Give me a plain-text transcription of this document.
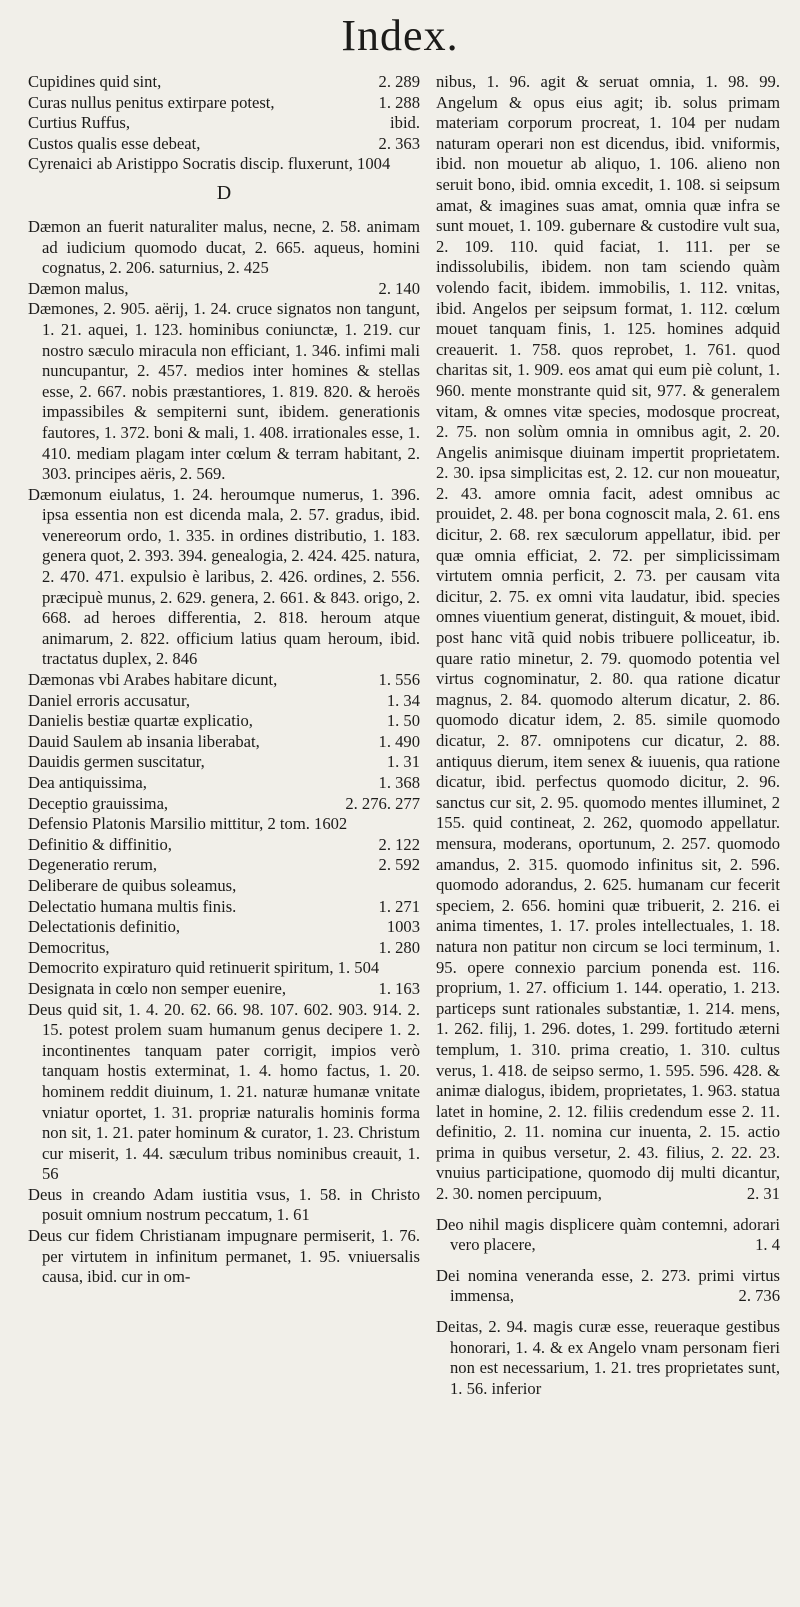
Index.
Cupidines quid sint,	2. 289
Curas nullus penitus extirpare potest,	1. 288
Curtius Ruffus,	ibid.
Custos qualis esse debeat,	2. 363

Cyrenaici ab Aristippo Socratis discip. fluxerunt, 1004

D

Dæmon an fuerit naturaliter malus, necne, 2. 58. animam ad iudicium quomodo ducat, 2. 665. aqueus, homini cognatus, 2. 206. saturnius, 2. 425

Dæmon malus,	2. 140

Dæmones, 2. 905. aërij, 1. 24. cruce signatos non tangunt, 1. 21. aquei, 1. 123. hominibus coniunctæ, 1. 219. cur nostro sæculo miracula non efficiant, 1. 346. infimi mali nuncupantur, 2. 457. medios inter homines & stellas esse, 2. 667. nobis præstantiores, 1. 819. 820. & heroës impassibiles & sempiterni sunt, ibidem. generationis fautores, 1. 372. boni & mali, 1. 408. irrationales esse, 1. 410. mediam plagam inter cœlum & terram habitant, 2. 303. principes aëris, 2. 569.

Dæmonum eiulatus, 1. 24. heroumque numerus, 1. 396. ipsa essentia non est dicenda mala, 2. 57. gradus, ibid. venereorum ordo, 1. 335. in ordines distributio, 1. 183. genera quot, 2. 393. 394. genealogia, 2. 424. 425. natura, 2. 470. 471. expulsio è laribus, 2. 426. ordines, 2. 556. præcipuè munus, 2. 629. genera, 2. 661. & 843. origo, 2. 668. ad heroes differentia, 2. 818. heroum atque animarum, 2. 822. officium latius quam heroum, ibid. tractatus duplex, 2. 846

Dæmonas vbi Arabes habitare dicunt,	1. 556
Daniel erroris accusatur,	1. 34
Danielis bestiæ quartæ explicatio,	1. 50
Dauid Saulem ab insania liberabat,	1. 490
Dauidis germen suscitatur,	1. 31
Dea antiquissima,	1. 368
Deceptio grauissima,	2. 276. 277

Defensio Platonis Marsilio mittitur, 2 tom. 1602

Definitio & diffinitio,	2. 122
Degeneratio rerum,	2. 592
Deliberare de quibus soleamus,
Delectatio humana multis finis.	1. 271
Delectationis definitio,	1003
Democritus,	1. 280

Democrito expiraturo quid retinuerit spiritum, 1. 504

Designata in cœlo non semper euenire,	1. 163

Deus quid sit, 1. 4. 20. 62. 66. 98. 107. 602. 903. 914. 2. 15. potest prolem suam humanum genus decipere 1. 2. incontinentes tanquam pater corrigit, impios verò tanquam hostis exterminat, 1. 4. homo factus, 1. 20. hominem reddit diuinum, 1. 21. naturæ humanæ vnitate vniatur oportet, 1. 31. propriæ naturalis hominis forma non sit, 1. 21. pater hominum & curator, 1. 23. Christum cur miserit, 1. 44. sæculum tribus nominibus creauit, 1. 56

Deus in creando Adam iustitia vsus, 1. 58. in Christo posuit omnium nostrum peccatum, 1. 61

Deus cur fidem Christianam impugnare permiserit, 1. 76. per virtutem in infinitum permanet, 1. 95. vniuersalis causa, ibid. cur in om-

nibus, 1. 96. agit & seruat omnia, 1. 98. 99. Angelum & opus eius agit; ib. solus primam materiam corporum procreat, 1. 104 per nudam naturam operari non est dicendus, ibid. vniformis, ibid. non mouetur ab aliquo, 1. 106. alieno non seruit bono, ibid. omnia excedit, 1. 108. si seipsum amat, & imagines suas amat, omnia quæ infra se sunt mouet, 1. 109. gubernare & custodire vult sua, 2. 109. 110. quid faciat, 1. 111. per se indissolubilis, ibidem. non tam sciendo quàm volendo facit, ibidem. immobilis, 1. 112. vnitas, ibid. Angelos per seipsum format, 1. 112. cœlum mouet tanquam finis, 1. 125. homines adquid creauerit. 1. 758. quos reprobet, 1. 761. quod charitas sit, 1. 909. eos amat qui eum piè colunt, 1. 960. mente monstrante quid sit, 977. & generalem vitam, & omnes vitæ species, modosque procreat, 2. 75. non solùm omnia in omnibus agit, 2. 20. Angelis animisque diuinam impertit proprietatem. 2. 30. ipsa simplicitas est, 2. 12. cur non moueatur, 2. 43. amore omnia facit, adest omnibus ac prouidet, 2. 48. per bona cognoscit mala, 2. 61. ens dicitur, 2. 68. rex sæculorum appellatur, ibid. per quæ omnia efficiat, 2. 72. per simplicissimam virtutem omnia perficit, 2. 73. per causam vita dicitur, 2. 75. ex omni vita laudatur, ibid. species omnes viuentium generat, distinguit, & mouet, ibid. post hanc vitã quid nobis tribuere polliceatur, ib. quare ratio minetur, 2. 79. quomodo potentia vel virtus cognominatur, 2. 80. qua ratione dicatur magnus, 2. 84. quomodo alterum dicatur, 2. 86. quomodo dicatur idem, 2. 85. simile quomodo dicatur, 2. 87. omnipotens cur dicatur, 2. 88. antiquus dierum, item senex & iuuenis, qua ratione dicatur, ibid. perfectus quomodo dicitur, 2. 96. sanctus cur sit, 2. 95. quomodo mentes illuminet, 2 155. quid contineat, 2. 262, quomodo appellatur. mensura, moderans, oportunum, 2. 257. quomodo amandus, 2. 315. quomodo infinitus sit, 2. 596. quomodo adorandus, 2. 625. humanam cur fecerit speciem, 2. 656. homini quæ tribuerit, 2. 216. ei anima timentes, 1. 17. proles intellectuales, 1. 18. natura non patitur non circum se loci terminum, 1. 95. opere connexio parcium ponenda est. 116. proprium, 1. 27. officium 1. 144. operatio, 1. 213. particeps sunt rationales substantiæ, 1. 214. mens, 1. 262. filij, 1. 296. dotes, 1. 299. fortitudo æterni templum, 1. 310. prima creatio, 1. 310. cultus verus, 1. 418. de seipso sermo, 1. 595. 596. 428. & animæ dialogus, ibidem, proprietates, 1. 963. statua latet in homine, 2. 12. filiis credendum esse 2. 11. definitio, 2. 11. nomina cur inuenta, 2. 15. actio prima in quibus versetur, 2. 43. filius, 2. 22. 23. vnuius participatione, quomodo dij multi dicantur, 2. 30. nomen percipuum,	2. 31

Deo nihil magis displicere quàm contemni, adorari vero placere,	1. 4

Dei nomina veneranda esse, 2. 273. primi virtus immensa,	2. 736

Deitas, 2. 94. magis curæ esse, reueraque gestibus honorari, 1. 4. & ex Angelo vnam personam fieri non est necessarium, 1. 21. tres proprietates sunt, 1. 56. inferior
